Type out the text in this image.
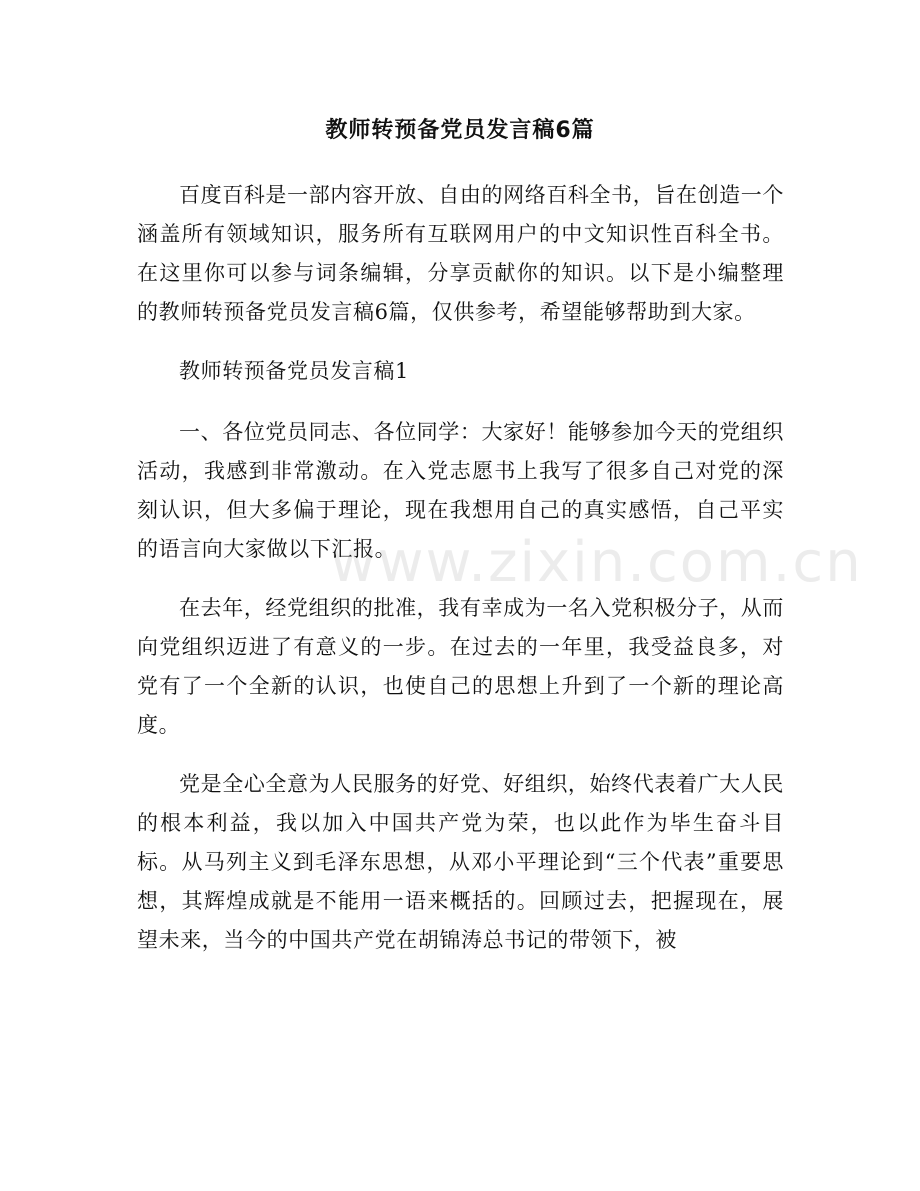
教师转预备党员发言稿6篇
www.zixin.com.cn

百度百科是一部内容开放、自由的网络百科全书，旨在创造一个涵盖所有领域知识，服务所有互联网用户的中文知识性百科全书。在这里你可以参与词条编辑，分享贡献你的知识。以下是小编整理的教师转预备党员发言稿6篇，仅供参考，希望能够帮助到大家。

教师转预备党员发言稿1

一、各位党员同志、各位同学：大家好！能够参加今天的党组织活动，我感到非常激动。在入党志愿书上我写了很多自己对党的深刻认识，但大多偏于理论，现在我想用自己的真实感悟，自己平实的语言向大家做以下汇报。

在去年，经党组织的批准，我有幸成为一名入党积极分子，从而向党组织迈进了有意义的一步。在过去的一年里，我受益良多，对党有了一个全新的认识，也使自己的思想上升到了一个新的理论高度。

党是全心全意为人民服务的好党、好组织，始终代表着广大人民的根本利益，我以加入中国共产党为荣，也以此作为毕生奋斗目标。从马列主义到毛泽东思想，从邓小平理论到“三个代表”重要思想，其辉煌成就是不能用一语来概括的。回顾过去，把握现在，展望未来，当今的中国共产党在胡锦涛总书记的带领下，被
